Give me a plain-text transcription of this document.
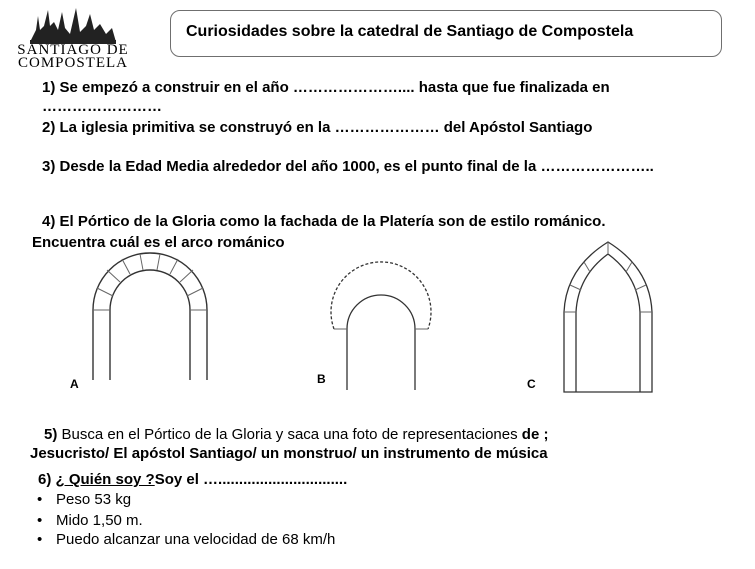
SANTIAGO DE
COMPOSTELA
Curiosidades sobre la catedral de Santiago de Compostela
1) Se empezó a construir en el año ………………….... hasta que fue finalizada en
……………………
2) La iglesia primitiva se construyó en la ………………… del Apóstol Santiago
3) Desde la Edad Media alrededor del año 1000, es el punto final de la …………………..
4) El Pórtico de la Gloria como la fachada de la Platería son de estilo románico.
Encuentra cuál es el arco románico
A	B	C
5) Busca en el Pórtico de la Gloria y saca una foto de representaciones de ;
Jesucristo/ El apóstol Santiago/ un monstruo/ un instrumento de música
6) ¿ Quién soy ?Soy el …...............................
• Peso 53 kg
• Mido 1,50 m.
• Puedo alcanzar una velocidad de 68 km/h
